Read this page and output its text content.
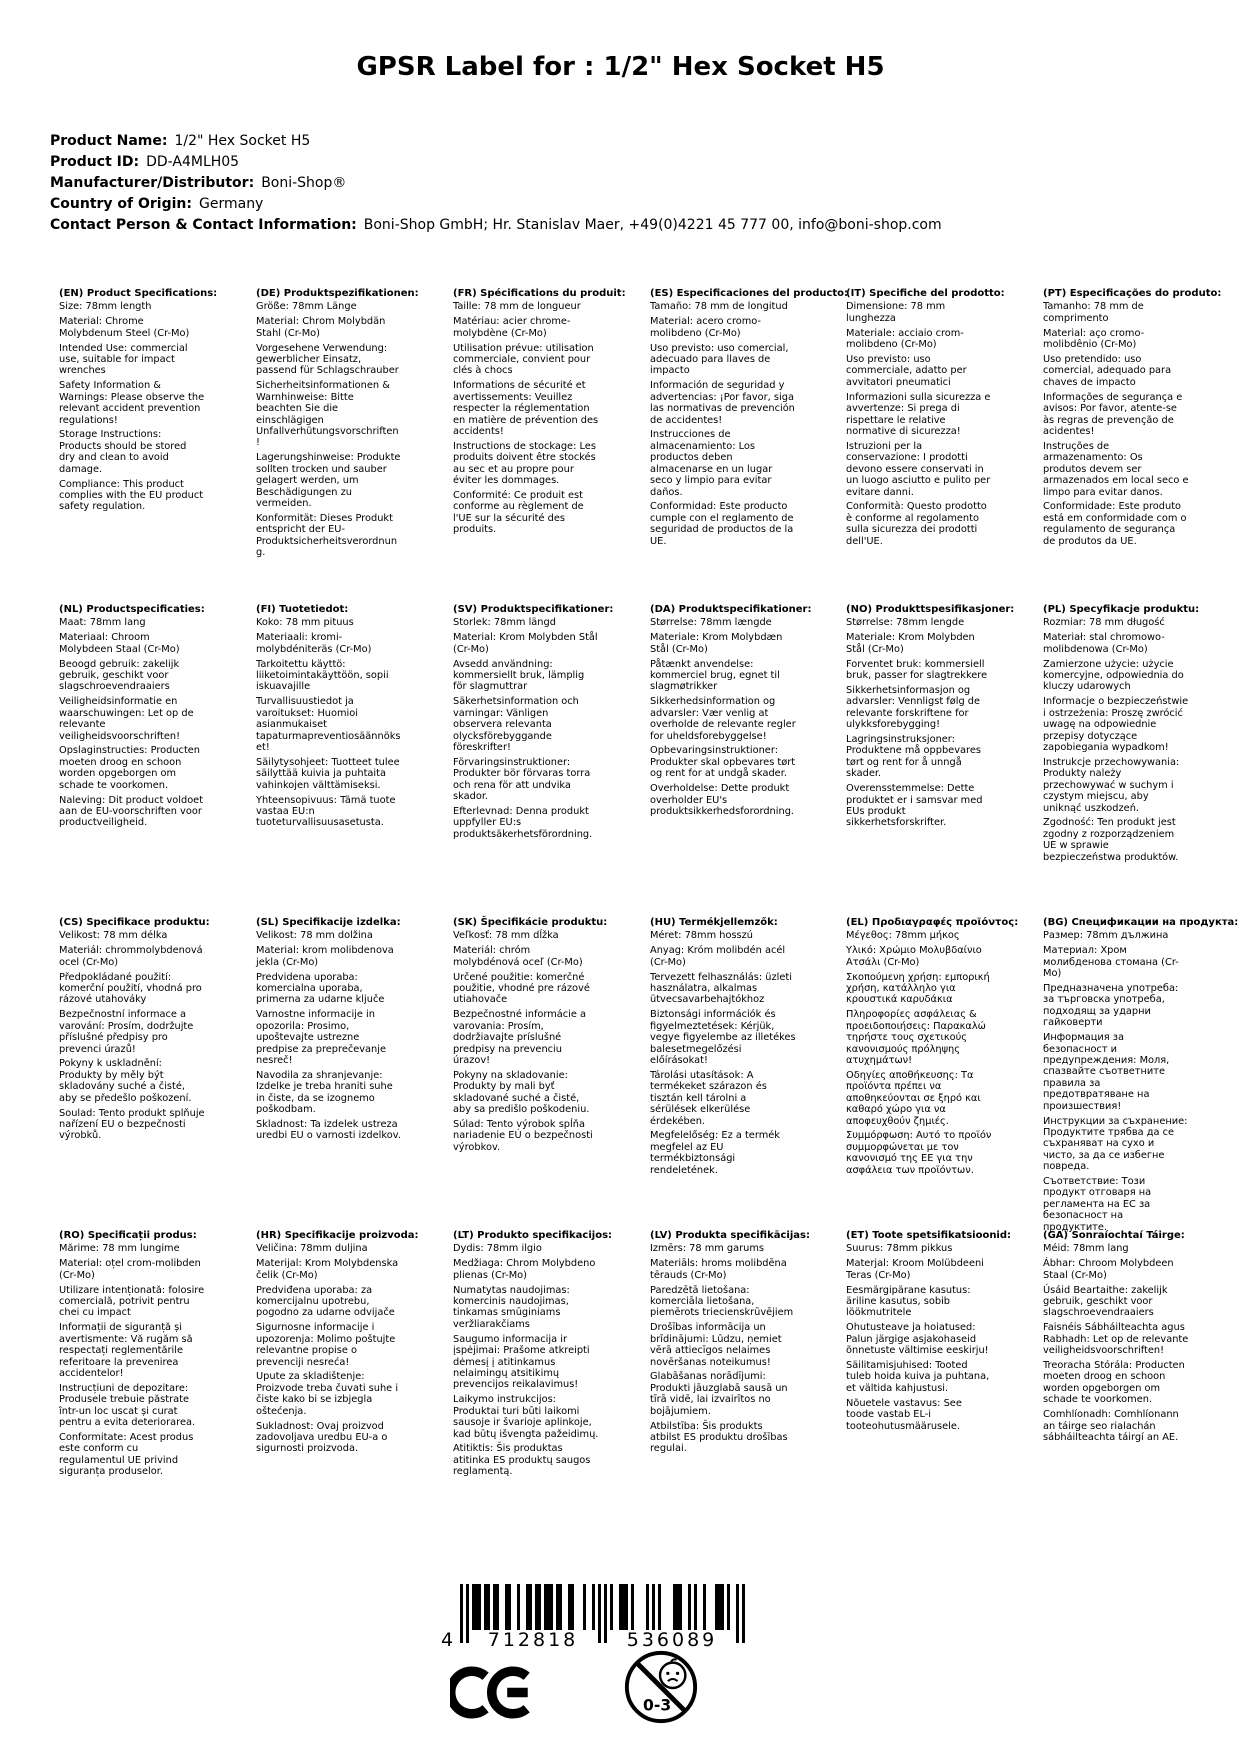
GPSR Label for : 1/2" Hex Socket H5
Product Name: 1/2" Hex Socket H5
Product ID: DD-A4MLH05
Manufacturer/Distributor: Boni-Shop®
Country of Origin: Germany
Contact Person & Contact Information: Boni-Shop GmbH; Hr. Stanislav Maer, +49(0)4221 45 777 00, info@boni-shop.com
(EN) Product Specifications:

Size: 78mm length

Material: Chrome Molybdenum Steel (Cr-Mo)

Intended Use: commercial use, suitable for impact wrenches

Safety Information & Warnings: Please observe the relevant accident prevention regulations!

Storage Instructions: Products should be stored dry and clean to avoid damage.

Compliance: This product complies with the EU product safety regulation.

(DE) Produktspezifikationen:

Größe: 78mm Länge

Material: Chrom Molybdän Stahl (Cr-Mo)

Vorgesehene Verwendung: gewerblicher Einsatz, passend für Schlagschrauber

Sicherheitsinformationen & Warnhinweise: Bitte beachten Sie die einschlägigen Unfallverhütungsvorschriften!

Lagerungshinweise: Produkte sollten trocken und sauber gelagert werden, um Beschädigungen zu vermeiden.

Konformität: Dieses Produkt entspricht der EU-Produktsicherheitsverordnung.

(FR) Spécifications du produit:

Taille: 78 mm de longueur

Matériau: acier chrome-molybdène (Cr-Mo)

Utilisation prévue: utilisation commerciale, convient pour clés à chocs

Informations de sécurité et avertissements: Veuillez respecter la réglementation en matière de prévention des accidents!

Instructions de stockage: Les produits doivent être stockés au sec et au propre pour éviter les dommages.

Conformité: Ce produit est conforme au règlement de l'UE sur la sécurité des produits.

(ES) Especificaciones del producto:

Tamaño: 78 mm de longitud

Material: acero cromo-molibdeno (Cr-Mo)

Uso previsto: uso comercial, adecuado para llaves de impacto

Información de seguridad y advertencias: ¡Por favor, siga las normativas de prevención de accidentes!

Instrucciones de almacenamiento: Los productos deben almacenarse en un lugar seco y limpio para evitar daños.

Conformidad: Este producto cumple con el reglamento de seguridad de productos de la UE.

(IT) Specifiche del prodotto:

Dimensione: 78 mm lunghezza

Materiale: acciaio crom-molibdeno (Cr-Mo)

Uso previsto: uso commerciale, adatto per avvitatori pneumatici

Informazioni sulla sicurezza e avvertenze: Si prega di rispettare le relative normative di sicurezza!

Istruzioni per la conservazione: I prodotti devono essere conservati in un luogo asciutto e pulito per evitare danni.

Conformità: Questo prodotto è conforme al regolamento sulla sicurezza dei prodotti dell'UE.

(PT) Especificações do produto:

Tamanho: 78 mm de comprimento

Material: aço cromo-molibdênio (Cr-Mo)

Uso pretendido: uso comercial, adequado para chaves de impacto

Informações de segurança e avisos: Por favor, atente-se às regras de prevenção de acidentes!

Instruções de armazenamento: Os produtos devem ser armazenados em local seco e limpo para evitar danos.

Conformidade: Este produto está em conformidade com o regulamento de segurança de produtos da UE.

(NL) Productspecificaties:

Maat: 78mm lang

Materiaal: Chroom Molybdeen Staal (Cr-Mo)

Beoogd gebruik: zakelijk gebruik, geschikt voor slagschroevendraaiers

Veiligheidsinformatie en waarschuwingen: Let op de relevante veiligheidsvoorschriften!

Opslaginstructies: Producten moeten droog en schoon worden opgeborgen om schade te voorkomen.

Naleving: Dit product voldoet aan de EU-voorschriften voor productveiligheid.

(FI) Tuotetiedot:

Koko: 78 mm pituus

Materiaali: kromi-molybdéniteräs (Cr-Mo)

Tarkoitettu käyttö: liiketoimintakäyttöön, sopii iskuavajille

Turvallisuustiedot ja varoitukset: Huomioi asianmukaiset tapaturmapreventiosäännökset!

Säilytysohjeet: Tuotteet tulee säilyttää kuivia ja puhtaita vahinkojen välttämiseksi.

Yhteensopivuus: Tämä tuote vastaa EU:n tuoteturvallisuusasetusta.

(SV) Produktspecifikationer:

Storlek: 78mm längd

Material: Krom Molybden Stål (Cr-Mo)

Avsedd användning: kommersiellt bruk, lämplig för slagmuttrar

Säkerhetsinformation och varningar: Vänligen observera relevanta olycksförebyggande föreskrifter!

Förvaringsinstruktioner: Produkter bör förvaras torra och rena för att undvika skador.

Efterlevnad: Denna produkt uppfyller EU:s produktsäkerhetsförordning.

(DA) Produktspecifikationer:

Størrelse: 78mm længde

Materiale: Krom Molybdæn Stål (Cr-Mo)

Påtænkt anvendelse: kommerciel brug, egnet til slagmøtrikker

Sikkerhedsinformation og advarsler: Vær venlig at overholde de relevante regler for uheldsforebyggelse!

Opbevaringsinstruktioner: Produkter skal opbevares tørt og rent for at undgå skader.

Overholdelse: Dette produkt overholder EU's produktsikkerhedsforordning.

(NO) Produkttspesifikasjoner:

Størrelse: 78mm lengde

Materiale: Krom Molybden Stål (Cr-Mo)

Forventet bruk: kommersiell bruk, passer for slagtrekkere

Sikkerhetsinformasjon og advarsler: Vennligst følg de relevante forskriftene for ulykksforebygging!

Lagringsinstruksjoner: Produktene må oppbevares tørt og rent for å unngå skader.

Overensstemmelse: Dette produktet er i samsvar med EUs produkt sikkerhetsforskrifter.

(PL) Specyfikacje produktu:

Rozmiar: 78 mm długość

Materiał: stal chromowo-molibdenowa (Cr-Mo)

Zamierzone użycie: użycie komercyjne, odpowiednia do kluczy udarowych

Informacje o bezpieczeństwie i ostrzeżenia: Proszę zwrócić uwagę na odpowiednie przepisy dotyczące zapobiegania wypadkom!

Instrukcje przechowywania: Produkty należy przechowywać w suchym i czystym miejscu, aby uniknąć uszkodzeń.

Zgodność: Ten produkt jest zgodny z rozporządzeniem UE w sprawie bezpieczeństwa produktów.

(CS) Specifikace produktu:

Velikost: 78 mm délka

Materiál: chrommolybdenová ocel (Cr-Mo)

Předpokládané použití: komerční použití, vhodná pro rázové utahováky

Bezpečnostní informace a varování: Prosím, dodržujte příslušné předpisy pro prevenci úrazů!

Pokyny k uskladnění: Produkty by měly být skladovány suché a čisté, aby se předešlo poškození.

Soulad: Tento produkt splňuje nařízení EU o bezpečnosti výrobků.

(SL) Specifikacije izdelka:

Velikost: 78 mm dolžina

Material: krom molibdenova jekla (Cr-Mo)

Predvidena uporaba: komercialna uporaba, primerna za udarne ključe

Varnostne informacije in opozorila: Prosimo, upoštevajte ustrezne predpise za preprečevanje nesreč!

Navodila za shranjevanje: Izdelke je treba hraniti suhe in čiste, da se izognemo poškodbam.

Skladnost: Ta izdelek ustreza uredbi EU o varnosti izdelkov.

(SK) Špecifikácie produktu:

Veľkosť: 78 mm dĺžka

Materiál: chróm molybdénová oceľ (Cr-Mo)

Určené použitie: komerčné použitie, vhodné pre rázové utiahovače

Bezpečnostné informácie a varovania: Prosím, dodržiavajte príslušné predpisy na prevenciu úrazov!

Pokyny na skladovanie: Produkty by mali byť skladované suché a čisté, aby sa predišlo poškodeniu.

Súlad: Tento výrobok spĺňa nariadenie EÚ o bezpečnosti výrobkov.

(HU) Termékjellemzők:

Méret: 78mm hosszú

Anyag: Króm molibdén acél (Cr-Mo)

Tervezett felhasználás: üzleti használatra, alkalmas ütvecsavarbehajtókhoz

Biztonsági információk és figyelmeztetések: Kérjük, vegye figyelembe az illetékes balesetmegelőzési előírásokat!

Tárolási utasítások: A termékeket szárazon és tisztán kell tárolni a sérülések elkerülése érdekében.

Megfelelőség: Ez a termék megfelel az EU termékbiztonsági rendeletének.

(EL) Προδιαγραφές προϊόντος:

Μέγεθος: 78mm μήκος

Υλικό: Χρώμιο Μολυβδαίνιο Ατσάλι (Cr-Mo)

Σκοπούμενη χρήση: εμπορική χρήση, κατάλληλο για κρουστικά καρυδάκια

Πληροφορίες ασφάλειας & προειδοποιήσεις: Παρακαλώ τηρήστε τους σχετικούς κανονισμούς πρόληψης ατυχημάτων!

Οδηγίες αποθήκευσης: Τα προϊόντα πρέπει να αποθηκεύονται σε ξηρό και καθαρό χώρο για να αποφευχθούν ζημιές.

Συμμόρφωση: Αυτό το προϊόν συμμορφώνεται με τον κανονισμό της ΕΕ για την ασφάλεια των προϊόντων.

(BG) Спецификации на продукта:

Размер: 78mm дължина

Материал: Хром молибденова стомана (Cr-Mo)

Предназначена употреба: за търговска употреба, подходящ за ударни гайковерти

Информация за безопасност и предупреждения: Моля, спазвайте съответните правила за предотвратяване на произшествия!

Инструкции за съхранение: Продуктите трябва да се съхраняват на сухо и чисто, за да се избегне повреда.

Съответствие: Този продукт отговаря на регламента на ЕС за безопасност на продуктите.

(RO) Specificații produs:

Mărime: 78 mm lungime

Material: oțel crom-molibden (Cr-Mo)

Utilizare intenționată: folosire comercială, potrivit pentru chei cu impact

Informații de siguranță și avertismente: Vă rugăm să respectați reglementările referitoare la prevenirea accidentelor!

Instrucțiuni de depozitare: Produsele trebuie păstrate într-un loc uscat și curat pentru a evita deteriorarea.

Conformitate: Acest produs este conform cu regulamentul UE privind siguranța produselor.

(HR) Specifikacije proizvoda:

Veličina: 78mm duljina

Materijal: Krom Molybdenska čelik (Cr-Mo)

Predviđena uporaba: za komercijalnu upotrebu, pogodno za udarne odvijače

Sigurnosne informacije i upozorenja: Molimo poštujte relevantne propise o prevenciji nesreća!

Upute za skladištenje: Proizvode treba čuvati suhe i čiste kako bi se izbjegla oštećenja.

Sukladnost: Ovaj proizvod zadovoljava uredbu EU-a o sigurnosti proizvoda.

(LT) Produkto specifikacijos:

Dydis: 78mm ilgio

Medžiaga: Chrom Molybdeno plienas (Cr-Mo)

Numatytas naudojimas: komercinis naudojimas, tinkamas smūginiams veržliarakčiams

Saugumo informacija ir įspėjimai: Prašome atkreipti dėmesį į atitinkamus nelaimingų atsitikimų prevencijos reikalavimus!

Laikymo instrukcijos: Produktai turi būti laikomi sausoje ir švarioje aplinkoje, kad būtų išvengta pažeidimų.

Atitiktis: Šis produktas atitinka ES produktų saugos reglamentą.

(LV) Produkta specifikācijas:

Izmērs: 78 mm garums

Materiāls: hroms molibdēna tērauds (Cr-Mo)

Paredzētā lietošana: komerciāla lietošana, piemērots triecienskrūvējiem

Drošības informācija un brīdinājumi: Lūdzu, ņemiet vērā attiecīgos nelaimes novēršanas noteikumus!

Glabāšanas norādījumi: Produkti jāuzglabā sausā un tīrā vidē, lai izvairītos no bojājumiem.

Atbilstība: Šis produkts atbilst ES produktu drošības regulai.

(ET) Toote spetsifikatsioonid:

Suurus: 78mm pikkus

Materjal: Kroom Molübdeeni Teras (Cr-Mo)

Eesmärgipärane kasutus: äriline kasutus, sobib löökmutritele

Ohutusteave ja hoiatused: Palun järgige asjakohaseid õnnetuste vältimise eeskirju!

Säilitamisjuhised: Tooted tuleb hoida kuiva ja puhtana, et vältida kahjustusi.

Nõuetele vastavus: See toode vastab EL-i tooteohutusmäärusele.

(GA) Sonraíochtaí Táirge:

Méid: 78mm lang

Ábhar: Chroom Molybdeen Staal (Cr-Mo)

Úsáid Beartaithe: zakelijk gebruik, geschikt voor slagschroevendraaiers

Faisnéis Sábháilteachta agus Rabhadh: Let op de relevante veiligheidsvoorschriften!

Treoracha Stórála: Producten moeten droog en schoon worden opgeborgen om schade te voorkomen.

Comhlíonadh: Comhlíonann an táirge seo rialachán sábháilteachta táirgí an AE.

4 712818	536089
0-3
